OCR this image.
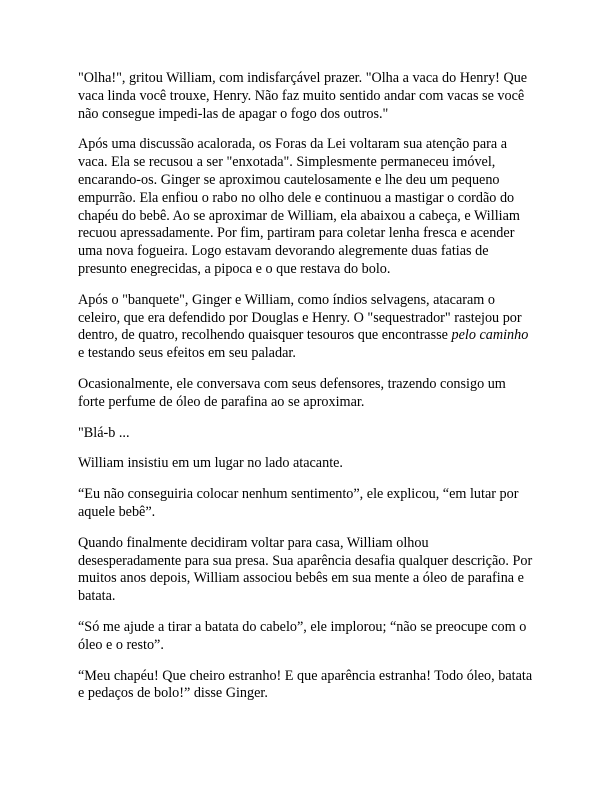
"Olha!", gritou William, com indisfarçável prazer. "Olha a vaca do Henry! Que vaca linda você trouxe, Henry. Não faz muito sentido andar com vacas se você não consegue impedi-las de apagar o fogo dos outros."

Após uma discussão acalorada, os Foras da Lei voltaram sua atenção para a vaca. Ela se recusou a ser "enxotada". Simplesmente permaneceu imóvel, encarando-os. Ginger se aproximou cautelosamente e lhe deu um pequeno empurrão. Ela enfiou o rabo no olho dele e continuou a mastigar o cordão do chapéu do bebê. Ao se aproximar de William, ela abaixou a cabeça, e William recuou apressadamente. Por fim, partiram para coletar lenha fresca e acender uma nova fogueira. Logo estavam devorando alegremente duas fatias de presunto enegrecidas, a pipoca e o que restava do bolo.

Após o "banquete", Ginger e William, como índios selvagens, atacaram o celeiro, que era defendido por Douglas e Henry. O "sequestrador" rastejou por dentro, de quatro, recolhendo quaisquer tesouros que encontrasse pelo caminho e testando seus efeitos em seu paladar.

Ocasionalmente, ele conversava com seus defensores, trazendo consigo um forte perfume de óleo de parafina ao se aproximar.

"Blá-b ...

William insistiu em um lugar no lado atacante.

“Eu não conseguiria colocar nenhum sentimento”, ele explicou, “em lutar por aquele bebê”.

Quando finalmente decidiram voltar para casa, William olhou desesperadamente para sua presa. Sua aparência desafia qualquer descrição. Por muitos anos depois, William associou bebês em sua mente a óleo de parafina e batata.

“Só me ajude a tirar a batata do cabelo”, ele implorou; “não se preocupe com o óleo e o resto”.

“Meu chapéu! Que cheiro estranho! E que aparência estranha! Todo óleo, batata e pedaços de bolo!” disse Ginger.
